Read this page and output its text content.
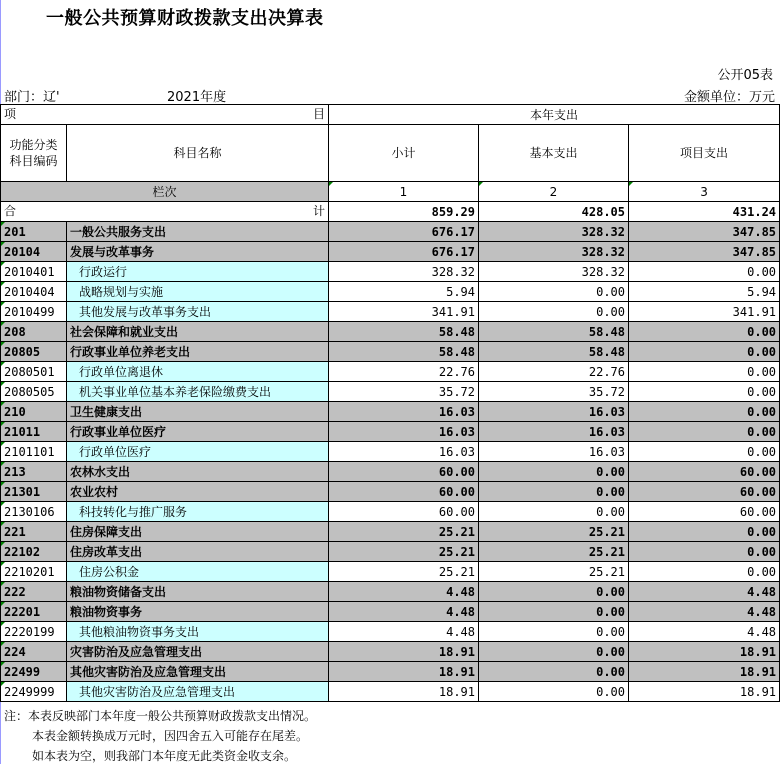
一般公共预算财政拨款支出决算表
公开05表
部门：辽'	2021年度	金额单位：万元
项 目		本年支出		
功能分类
科目编码	科目名称	小计	基本支出	项目支出
栏次		1	2	3

合 计		859.29	428.05	431.24
201	一般公共服务支出	676.17	328.32	347.85
20104	发展与改革事务	676.17	328.32	347.85
2010401	行政运行	328.32	328.32	0.00
2010404	战略规划与实施	5.94	0.00	5.94
2010499	其他发展与改革事务支出	341.91	0.00	341.91
208	社会保障和就业支出	58.48	58.48	0.00
20805	行政事业单位养老支出	58.48	58.48	0.00
2080501	行政单位离退休	22.76	22.76	0.00
2080505	机关事业单位基本养老保险缴费支出	35.72	35.72	0.00
210	卫生健康支出	16.03	16.03	0.00
21011	行政事业单位医疗	16.03	16.03	0.00
2101101	行政单位医疗	16.03	16.03	0.00
213	农林水支出	60.00	0.00	60.00
21301	农业农村	60.00	0.00	60.00
2130106	科技转化与推广服务	60.00	0.00	60.00
221	住房保障支出	25.21	25.21	0.00
22102	住房改革支出	25.21	25.21	0.00
2210201	住房公积金	25.21	25.21	0.00
222	粮油物资储备支出	4.48	0.00	4.48
22201	粮油物资事务	4.48	0.00	4.48
2220199	其他粮油物资事务支出	4.48	0.00	4.48
224	灾害防治及应急管理支出	18.91	0.00	18.91
22499	其他灾害防治及应急管理支出	18.91	0.00	18.91
2249999	其他灾害防治及应急管理支出	18.91	0.00	18.91
注：本表反映部门本年度一般公共预算财政拨款支出情况。
本表金额转换成万元时，因四舍五入可能存在尾差。
如本表为空，则我部门本年度无此类资金收支余。
